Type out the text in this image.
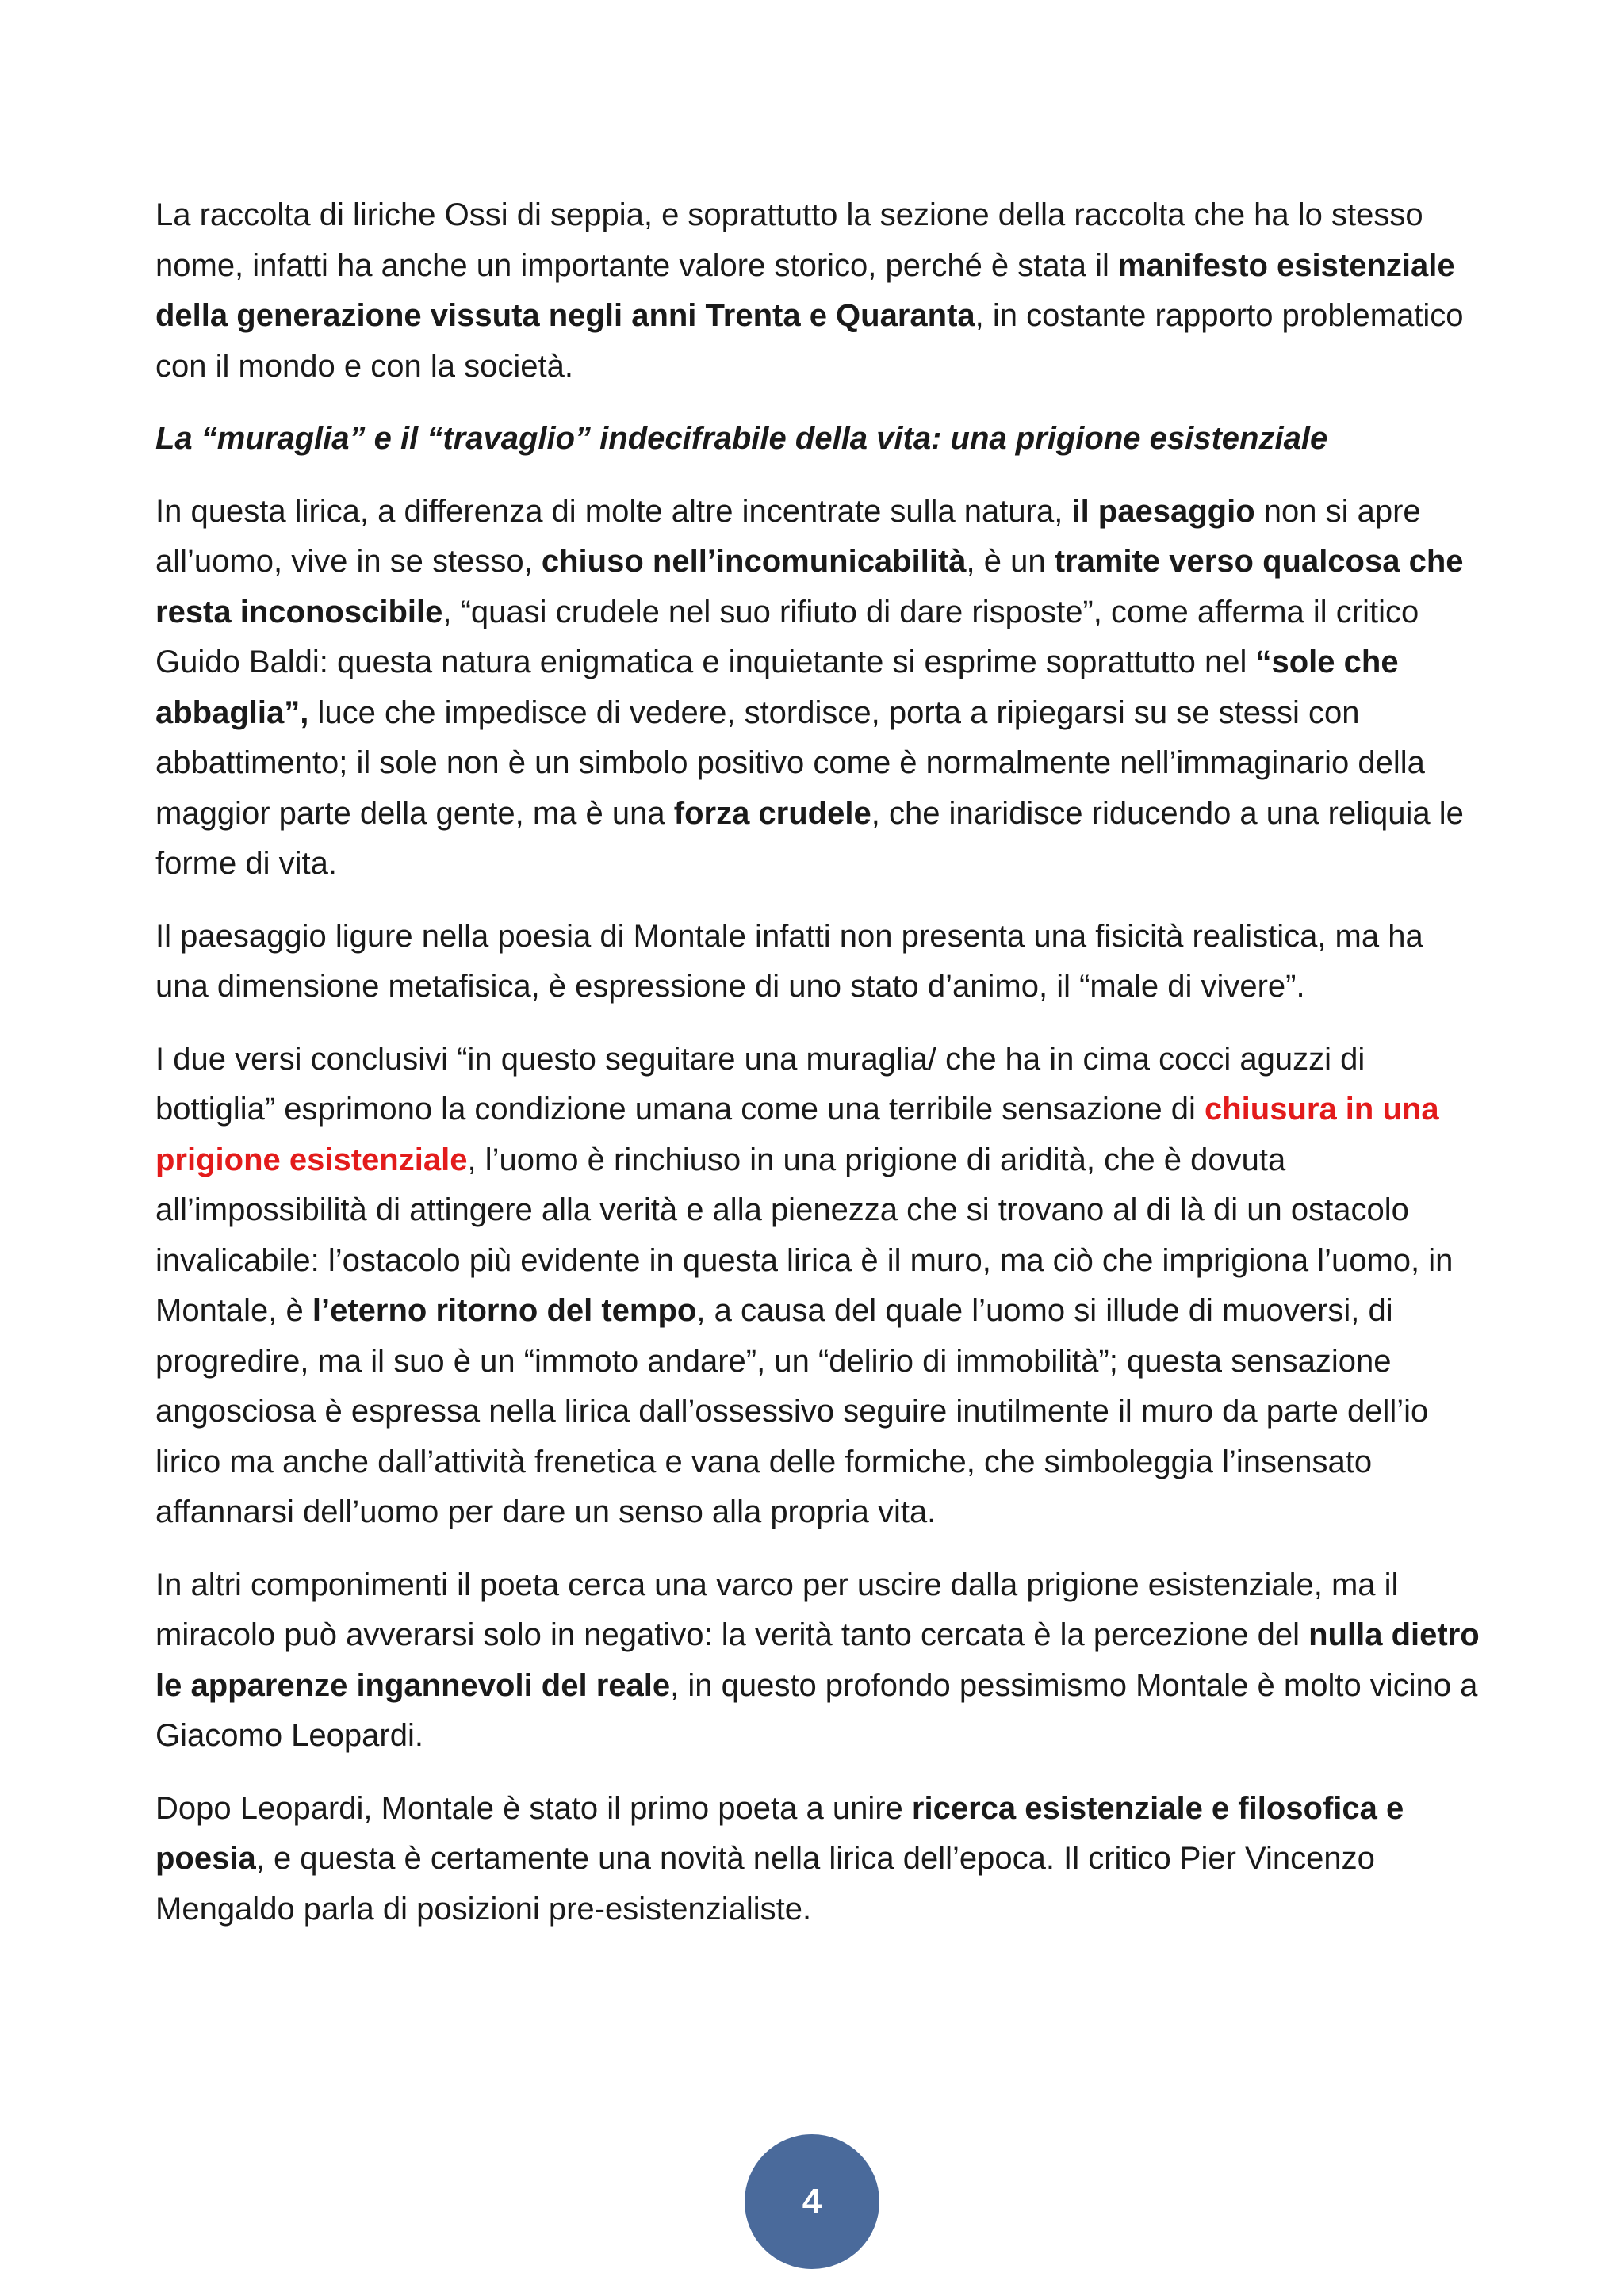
La raccolta di liriche Ossi di seppia, e soprattutto la sezione della raccolta che ha lo stesso nome, infatti ha anche un importante valore storico, perché è stata il manifesto esistenziale della generazione vissuta negli anni Trenta e Quaranta, in costante rapporto problematico con il mondo e con la società.

La “muraglia” e il “travaglio” indecifrabile della vita: una prigione esistenziale

In questa lirica, a differenza di molte altre incentrate sulla natura, il paesaggio non si apre all’uomo, vive in se stesso, chiuso nell’incomunicabilità, è un tramite verso qualcosa che resta inconoscibile, “quasi crudele nel suo rifiuto di dare risposte”, come afferma il critico Guido Baldi: questa natura enigmatica e inquietante si esprime soprattutto nel “sole che abbaglia”, luce che impedisce di vedere, stordisce, porta a ripiegarsi su se stessi con abbattimento; il sole non è un simbolo positivo come è normalmente nell’immaginario della maggior parte della gente, ma è una forza crudele, che inaridisce riducendo a una reliquia le forme di vita.

Il paesaggio ligure nella poesia di Montale infatti non presenta una fisicità realistica, ma ha una dimensione metafisica, è espressione di uno stato d’animo, il “male di vivere”.

I due versi conclusivi “in questo seguitare una muraglia/ che ha in cima cocci aguzzi di bottiglia” esprimono la condizione umana come una terribile sensazione di chiusura in una prigione esistenziale, l’uomo è rinchiuso in una prigione di aridità, che è dovuta all’impossibilità di attingere alla verità e alla pienezza che si trovano al di là di un ostacolo invalicabile: l’ostacolo più evidente in questa lirica è il muro, ma ciò che imprigiona l’uomo, in Montale, è l’eterno ritorno del tempo, a causa del quale l’uomo si illude di muoversi, di progredire, ma il suo è un “immoto andare”, un “delirio di immobilità”; questa sensazione angosciosa è espressa nella lirica dall’ossessivo seguire inutilmente il muro da parte dell’io lirico ma anche dall’attività frenetica e vana delle formiche, che simboleggia l’insensato affannarsi dell’uomo per dare un senso alla propria vita.

In altri componimenti il poeta cerca una varco per uscire dalla prigione esistenziale, ma il miracolo può avverarsi solo in negativo: la verità tanto cercata è la percezione del nulla dietro le apparenze ingannevoli del reale, in questo profondo pessimismo Montale è molto vicino a Giacomo Leopardi.

Dopo Leopardi, Montale è stato il primo poeta a unire ricerca esistenziale e filosofica e poesia, e questa è certamente una novità nella lirica dell’epoca. Il critico Pier Vincenzo Mengaldo parla di posizioni pre-esistenzialiste.

4
